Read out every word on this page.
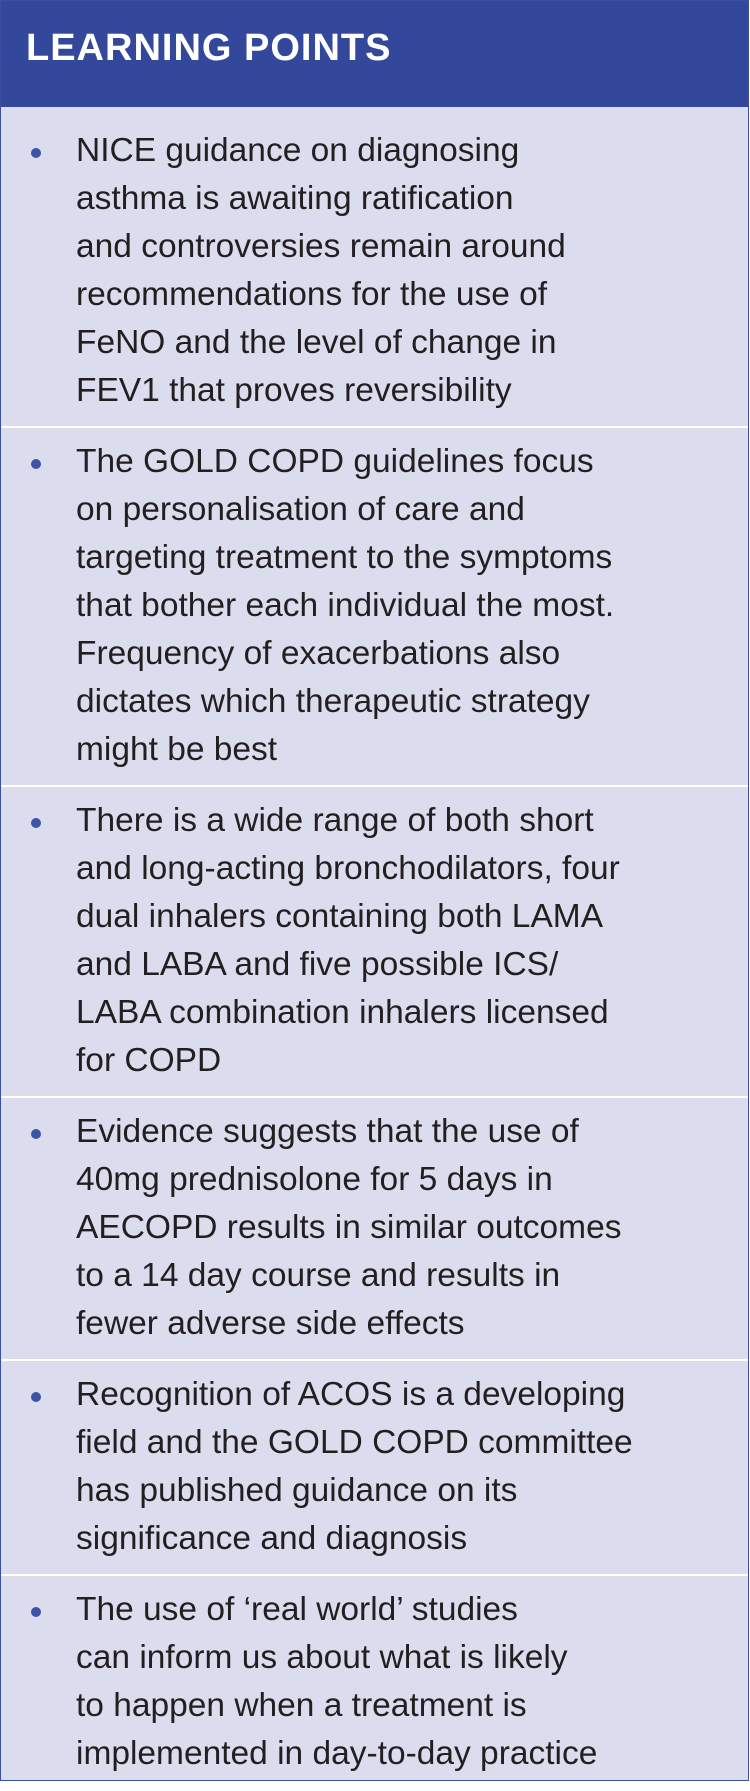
LEARNING POINTS
NICE guidance on diagnosing
asthma is awaiting ratification
and controversies remain around
recommendations for the use of
FeNO and the level of change in
FEV1 that proves reversibility
The GOLD COPD guidelines focus
on personalisation of care and
targeting treatment to the symptoms
that bother each individual the most.
Frequency of exacerbations also
dictates which therapeutic strategy
might be best
There is a wide range of both short
and long-acting bronchodilators, four
dual inhalers containing both LAMA
and LABA and five possible ICS/
LABA combination inhalers licensed
for COPD
Evidence suggests that the use of
40mg prednisolone for 5 days in
AECOPD results in similar outcomes
to a 14 day course and results in
fewer adverse side effects
Recognition of ACOS is a developing
field and the GOLD COPD committee
has published guidance on its
significance and diagnosis
The use of ‘real world’ studies
can inform us about what is likely
to happen when a treatment is
implemented in day-to-day practice
